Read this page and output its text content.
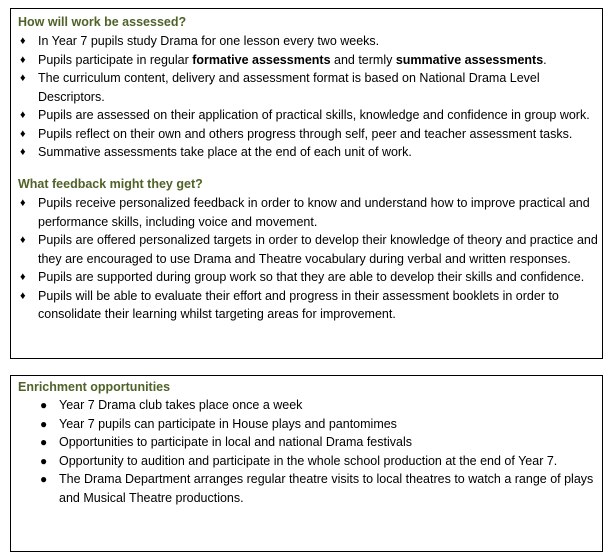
How will work be assessed?

♦ In Year 7 pupils study Drama for one lesson every two weeks.
♦ Pupils participate in regular formative assessments and termly summative assessments.
♦ The curriculum content, delivery and assessment format is based on National Drama Level Descriptors.
♦ Pupils are assessed on their application of practical skills, knowledge and confidence in group work.
♦ Pupils reflect on their own and others progress through self, peer and teacher assessment tasks.
♦ Summative assessments take place at the end of each unit of work.

What feedback might they get?

♦ Pupils receive personalized feedback in order to know and understand how to improve practical and performance skills, including voice and movement.
♦ Pupils are offered personalized targets in order to develop their knowledge of theory and practice and they are encouraged to use Drama and Theatre vocabulary during verbal and written responses.
♦ Pupils are supported during group work so that they are able to develop their skills and confidence.
♦ Pupils will be able to evaluate their effort and progress in their assessment booklets in order to consolidate their learning whilst targeting areas for improvement.

Enrichment opportunities

● Year 7 Drama club takes place once a week
● Year 7 pupils can participate in House plays and pantomimes
● Opportunities to participate in local and national Drama festivals
● Opportunity to audition and participate in the whole school production at the end of Year 7.
● The Drama Department arranges regular theatre visits to local theatres to watch a range of plays and Musical Theatre productions.
